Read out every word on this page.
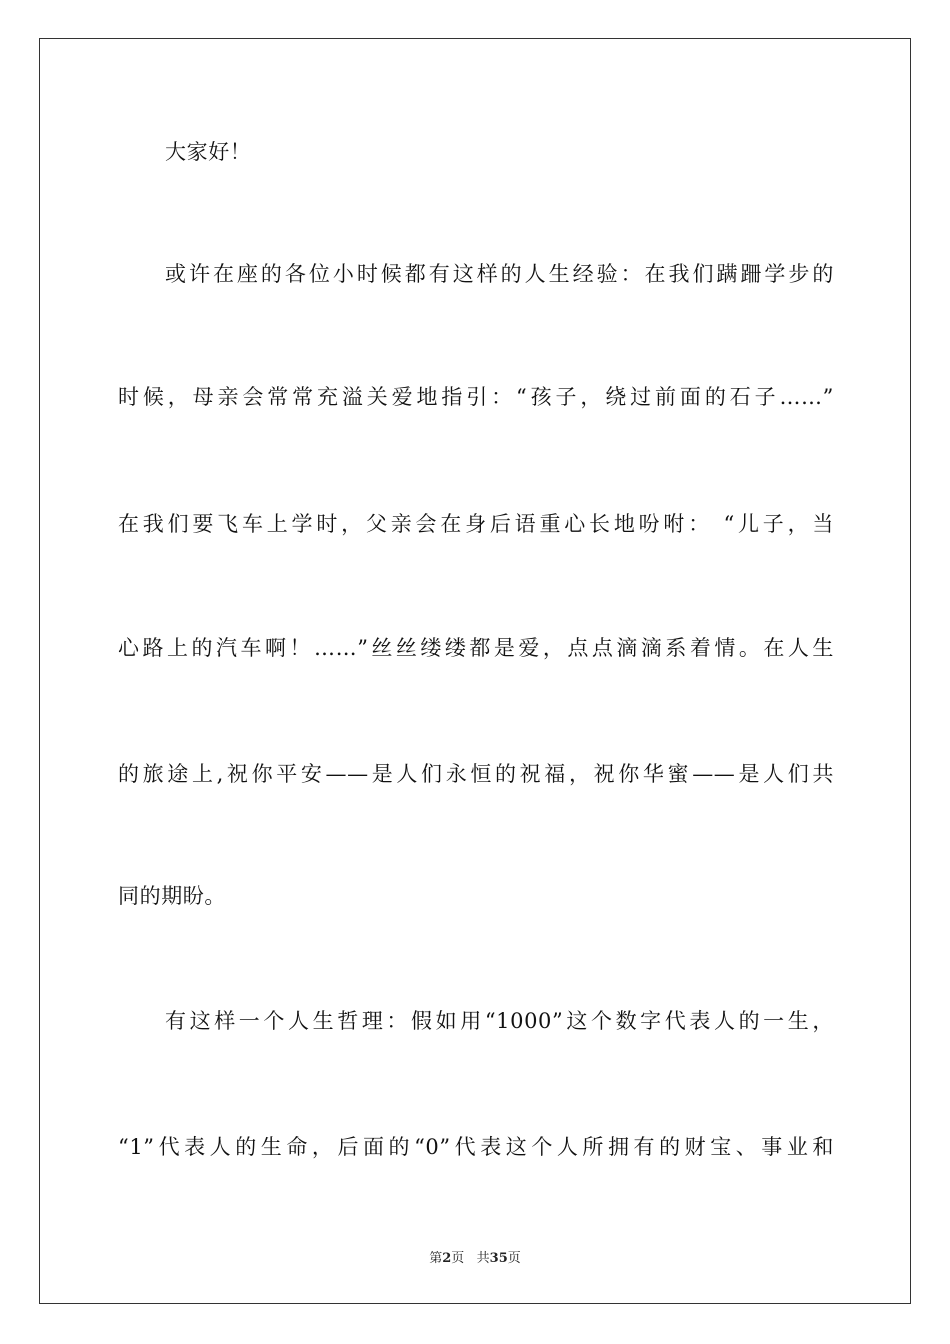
大家好！
或许在座的各位小时候都有这样的人生经验：在我们蹒跚学步的
时候，母亲会常常充溢关爱地指引：“孩子，绕过前面的石子……”
在我们要飞车上学时，父亲会在身后语重心长地吩咐： “儿子，当
心路上的汽车啊！……”丝丝缕缕都是爱，点点滴滴系着情。在人生
的旅途上,祝你平安——是人们永恒的祝福，祝你华蜜——是人们共
同的期盼。
有这样一个人生哲理：假如用“1000”这个数字代表人的一生，
“1”代表人的生命，后面的“0”代表这个人所拥有的财宝、事业和
第2页   共35页
